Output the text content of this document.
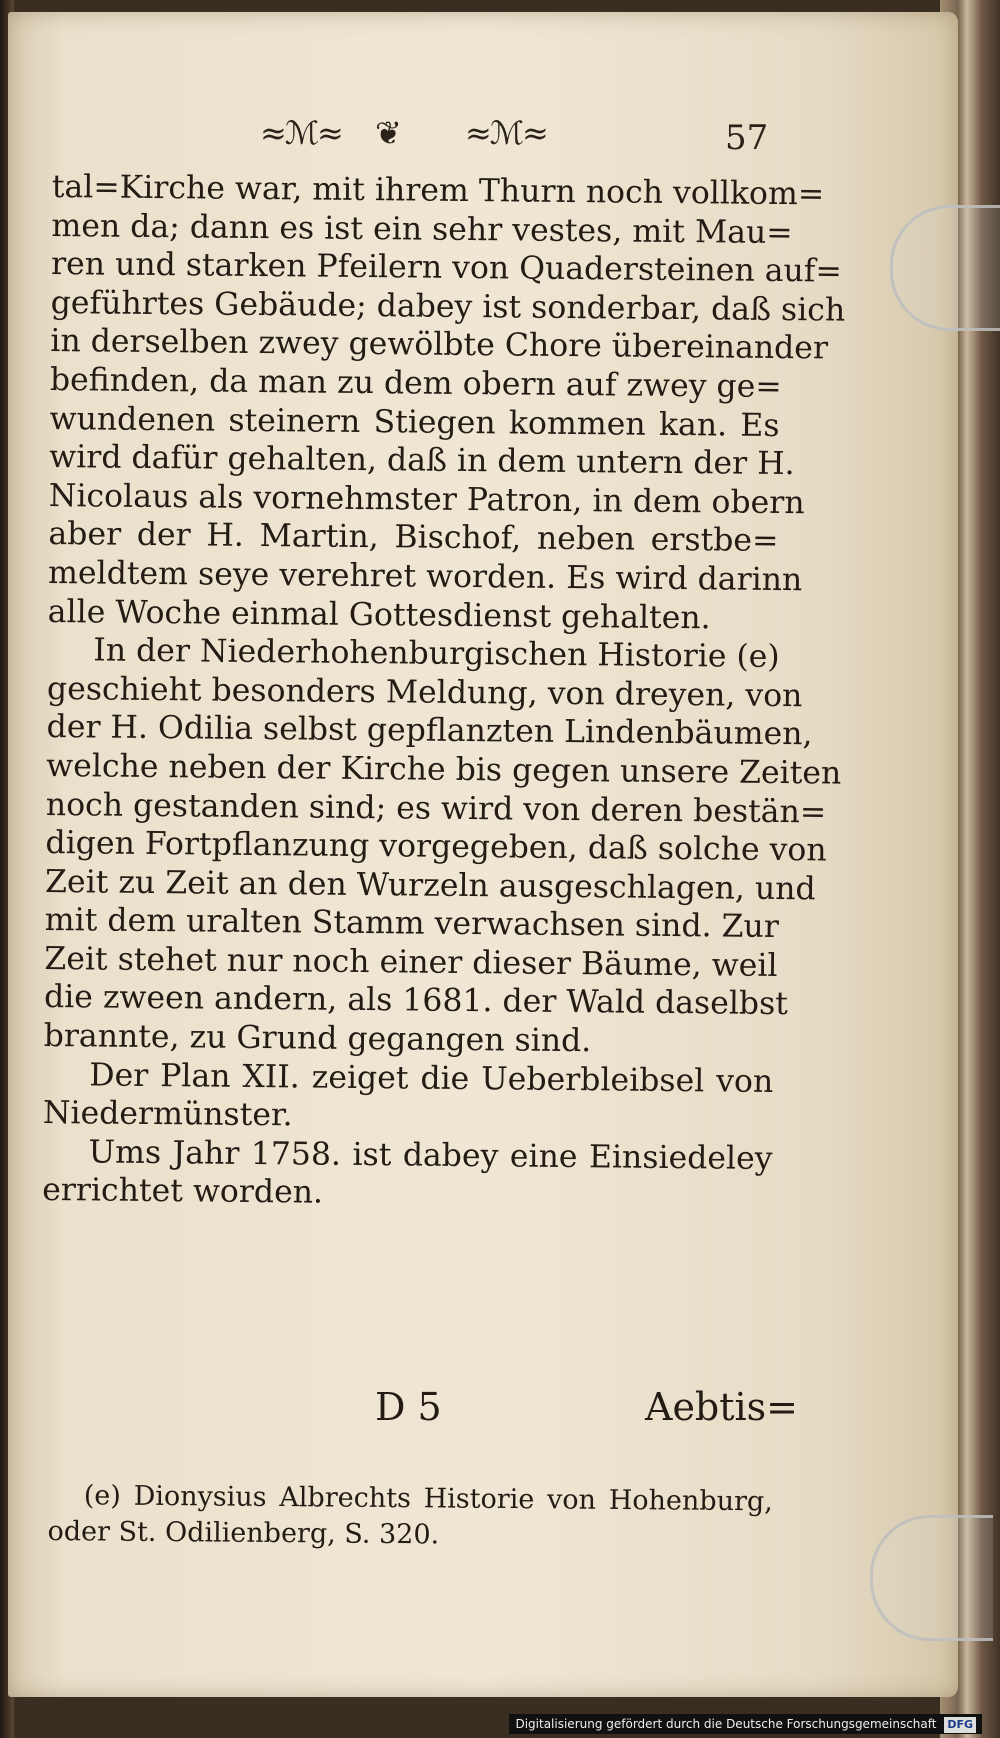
≈ℳ≈ ❦ ≈ℳ≈	57
tal=Kirche war, mit ihrem Thurn noch vollkom=
men da; dann es ist ein sehr vestes, mit Mau=
ren und starken Pfeilern von Quadersteinen auf=
geführtes Gebäude; dabey ist sonderbar, daß sich
in derselben zwey gewölbte Chore übereinander
befinden, da man zu dem obern auf zwey ge=
wundenen steinern Stiegen kommen kan. Es
wird dafür gehalten, daß in dem untern der H.
Nicolaus als vornehmster Patron, in dem obern
aber der H. Martin, Bischof, neben erstbe=
meldtem seye verehret worden. Es wird darinn
alle Woche einmal Gottesdienst gehalten.
In der Niederhohenburgischen Historie (e)
geschieht besonders Meldung, von dreyen, von
der H. Odilia selbst gepflanzten Lindenbäumen,
welche neben der Kirche bis gegen unsere Zeiten
noch gestanden sind; es wird von deren bestän=
digen Fortpflanzung vorgegeben, daß solche von
Zeit zu Zeit an den Wurzeln ausgeschlagen, und
mit dem uralten Stamm verwachsen sind. Zur
Zeit stehet nur noch einer dieser Bäume, weil
die zween andern, als 1681. der Wald daselbst
brannte, zu Grund gegangen sind.
Der Plan XII. zeiget die Ueberbleibsel von
Niedermünster.
Ums Jahr 1758. ist dabey eine Einsiedeley
errichtet worden.
D 5	Aebtis=
(e) Dionysius Albrechts Historie von Hohenburg,
oder St. Odilienberg, S. 320.
Digitalisierung gefördert durch die Deutsche Forschungsgemeinschaft DFG
